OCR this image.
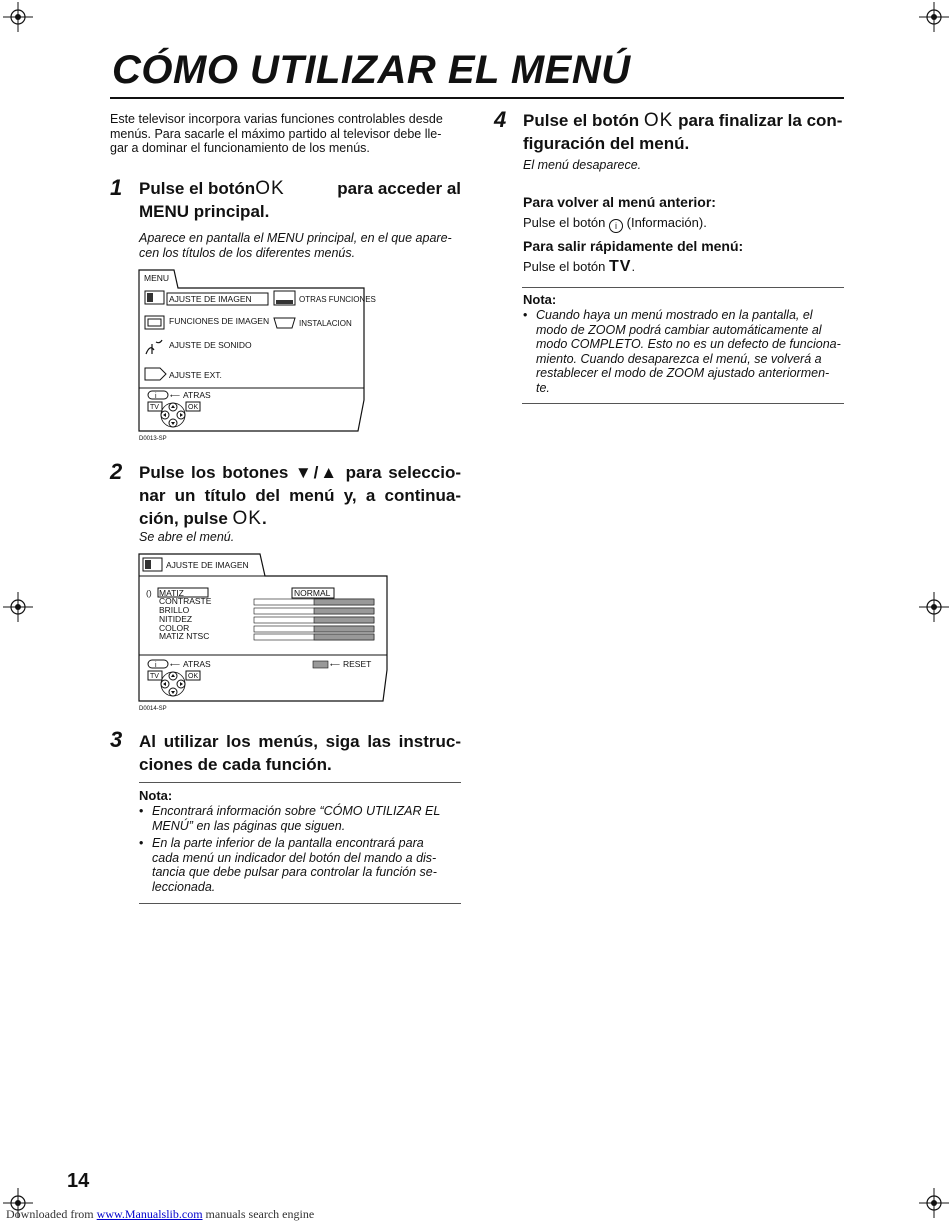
CÓMO UTILIZAR EL MENÚ
Este televisor incorpora varias funciones controlables desde
menús. Para sacarle el máximo partido al televisor debe lle-
gar a dominar el funcionamiento de los menús.
1 Pulse el botón OK	para acceder al
MENU principal.
Aparece en pantalla el MENU principal, en el que apare-
cen los títulos de los diferentes menús.
MENU
AJUSTE DE IMAGEN
FUNCIONES DE IMAGEN
AJUSTE DE SONIDO
AJUSTE EXT.
OTRAS FUNCIONES
INSTALACION
i ⟵ ATRAS
TV	OK
D0013-SP
2 Pulse los botones ▼/▲ para seleccio-
nar un título del menú y, a continua-
ción, pulse OK.
Se abre el menú.
AJUSTE DE IMAGEN
() MATIZ
CONTRASTE
BRILLO
NITIDEZ
COLOR
MATIZ NTSC
NORMAL
i ⟵ ATRAS	⟵ RESET
TV	OK
D0014-SP
3 Al utilizar los menús, siga las instruc-
ciones de cada función.
Nota:
• Encontrará información sobre “CÓMO UTILIZAR EL
MENÚ” en las páginas que siguen.
• En la parte inferior de la pantalla encontrará para
cada menú un indicador del botón del mando a dis-
tancia que debe pulsar para controlar la función se-
leccionada.
4 Pulse el botón OK para finalizar la con-
figuración del menú.
El menú desaparece.
Para volver al menú anterior:
Pulse el botón i (Información).
Para salir rápidamente del menú:
Pulse el botón TV.
Nota:
• Cuando haya un menú mostrado en la pantalla, el
modo de ZOOM podrá cambiar automáticamente al
modo COMPLETO. Esto no es un defecto de funciona-
miento. Cuando desaparezca el menú, se volverá a
restablecer el modo de ZOOM ajustado anteriormen-
te.
14
Downloaded from www.Manualslib.com manuals search engine
